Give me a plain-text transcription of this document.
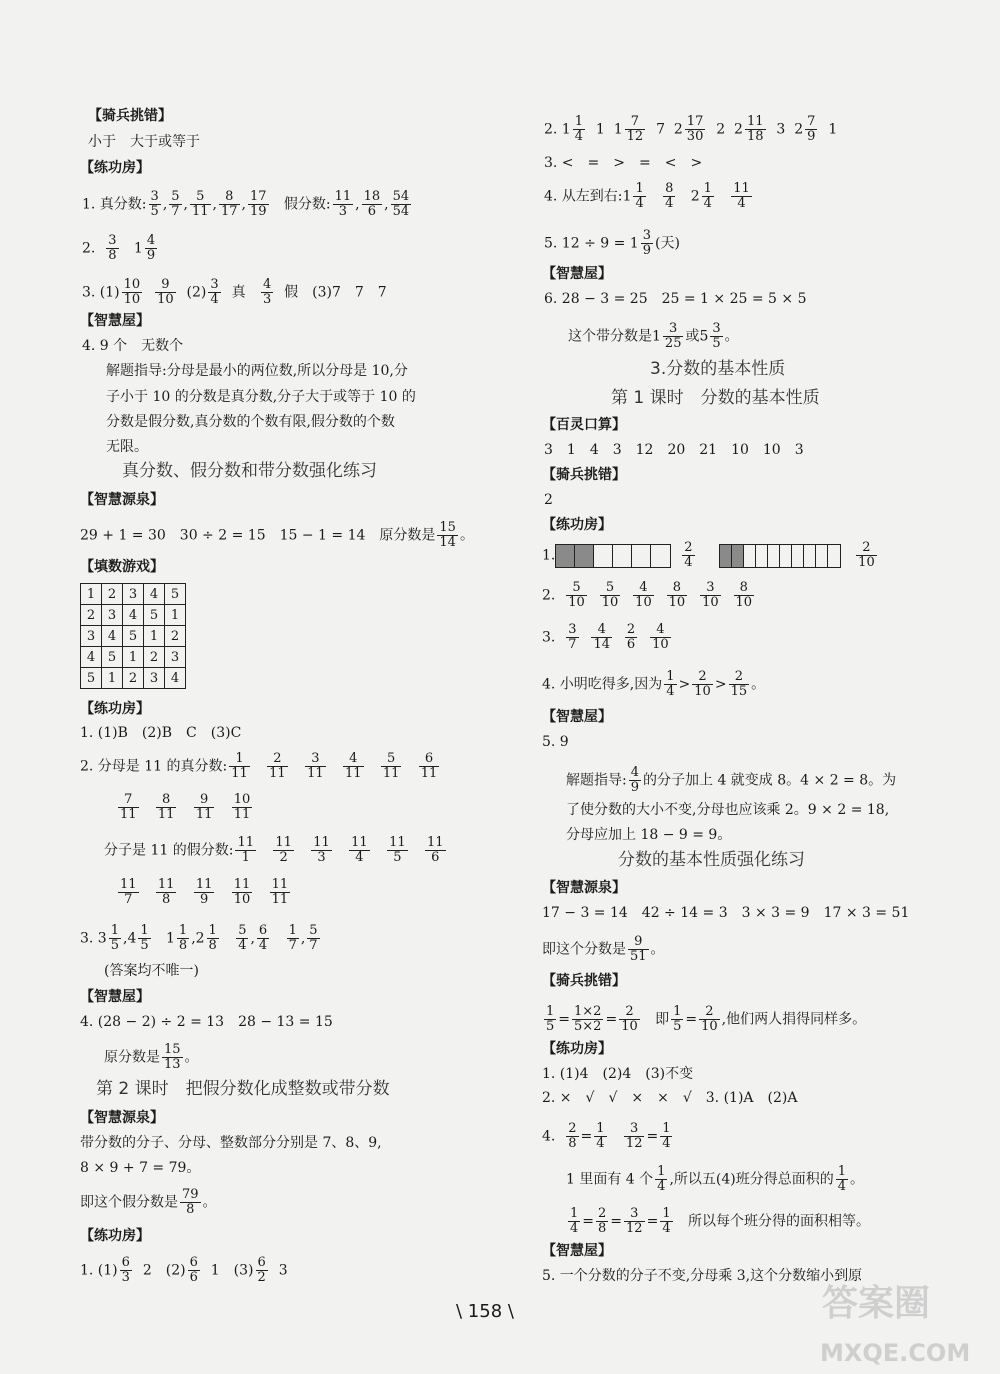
【骑兵挑错】
小于　大于或等于
【练功房】
1. 真分数: $\frac{3}{5}$ , $\frac{5}{7}$ , $\frac{5}{11}$ , $\frac{8}{17}$ , $\frac{17}{19}$ 假分数: $\frac{11}{3}$ , $\frac{18}{6}$ , $\frac{54}{54}$
2. $\frac{3}{8} 1 \frac{4}{9}$
3. $(1) \frac{10}{10}$
$\frac{9}{10} (2) \frac{3}{4}$ 真 $\frac{4}{3}$ 假　(3)7　7　7
【智慧屋】
4. 9 个　无数个
解题指导:分母是最小的两位数,所以分母是 10,分
子小于 10 的分数是真分数,分子大于或等于 10 的
分数是假分数,真分数的个数有限,假分数的个数
无限。
真分数、假分数和带分数强化练习
【智慧源泉】
29 + 1 = 30　30 ÷ 2 = 15　15 − 1 = 14　原分数是 $\frac{15}{14}$ 。
【填数游戏】
1	2	3	4	5
2	3	4	5	1
3	4	5	1	2
4	5	1	2	3
5	1	2	3	4
【练功房】
1. (1)B　(2)B　C　(3)C
2. 分母是 11 的真分数: $\frac{1}{11}$
$\frac{2}{11}$
$\frac{3}{11}$
$\frac{4}{11}$
$\frac{5}{11}$
$\frac{6}{11}$
$\frac{7}{11}$
$\frac{8}{11}$
$\frac{9}{11}$
$\frac{10}{11}$
分子是 11 的假分数: $\frac{11}{1}$
$\frac{11}{2}$
$\frac{11}{3}$
$\frac{11}{4}$
$\frac{11}{5}$
$\frac{11}{6}$
$\frac{11}{7}$
$\frac{11}{8}$
$\frac{11}{9}$
$\frac{11}{10}$
$\frac{11}{11}$
3. $3 \frac{1}{5} ,4 \frac{1}{5} 1 \frac{1}{8} ,2 \frac{1}{8}$
$\frac{5}{4}$ , $\frac{6}{4}$
$\frac{1}{7}$ , $\frac{5}{7}$
(答案均不唯一)
【智慧屋】
4. (28 − 2) ÷ 2 = 13　28 − 13 = 15
原分数是 $\frac{15}{13}$ 。
第 2 课时　把假分数化成整数或带分数
【智慧源泉】
带分数的分子、分母、整数部分分别是 7、8、9,
8 × 9 + 7 = 79。
即这个假分数是 $\frac{79}{8}$ 。
【练功房】
1. $(1) \frac{6}{3} 2$　$(2) \frac{6}{6} 1$　$(3) \frac{6}{2} 3$
2. $1 \frac{1}{4} 1$  $1 \frac{7}{12} 7$  $2 \frac{17}{30} 2$  $2 \frac{11}{18} 3$  $2 \frac{7}{9} 1$
3. <　=　>　=　<　>
4. 从左到右:1 $\frac{1}{4}$
$\frac{8}{4} 2 \frac{1}{4}$
$\frac{11}{4}$
5. $12 \div 9 = 1 \frac{3}{9}$ (天)
【智慧屋】
6. 28 − 3 = 25　25 = 1 × 25 = 5 × 5
这个带分数是$1 \frac{3}{25}$ 或$5 \frac{3}{5}$ 。
3.分数的基本性质
第 1 课时　分数的基本性质
【百灵口算】
3　1　4　3　12　20　21　10　10　3
【骑兵挑错】
2
【练功房】
1.
	$\frac{2}{4}$

	$\frac{2}{10}$
2. $\frac{5}{10}$
$\frac{5}{10}$
$\frac{4}{10}$
$\frac{8}{10}$
$\frac{3}{10}$
$\frac{8}{10}$
3. $\frac{3}{7}$
$\frac{4}{14}$
$\frac{2}{6}$
$\frac{4}{10}$
4. 小明吃得多,因为 $\frac{1}{4} > \frac{2}{10} > \frac{2}{15}$ 。
【智慧屋】
5. 9
解题指导: $\frac{4}{9}$ 的分子加上 4 就变成 8。4 × 2 = 8。为
了使分数的大小不变,分母也应该乘 2。9 × 2 = 18,
分母应加上 18 − 9 = 9。
分数的基本性质强化练习
【智慧源泉】
17 − 3 = 14　42 ÷ 14 = 3　3 × 3 = 9　17 × 3 = 51
即这个分数是 $\frac{9}{51}$ 。
【骑兵挑错】
$\frac{1}{5} = \frac{1\times 2}{5\times 2} = \frac{2}{10}$ 即 $\frac{1}{5} = \frac{2}{10}$ ,他们两人捐得同样多。
【练功房】
1. (1)4　(2)4　(3)不变
2. ×　√　√　×　×　√　3. (1)A　(2)A
4. $\frac{2}{8} = \frac{1}{4}$
$\frac{3}{12} = \frac{1}{4}$
1 里面有 4 个 $\frac{1}{4}$ ,所以五(4)班分得总面积的 $\frac{1}{4}$ 。
$\frac{1}{4} = \frac{2}{8} = \frac{3}{12} = \frac{1}{4}$ 所以每个班分得的面积相等。
【智慧屋】
5. 一个分数的分子不变,分母乘 3,这个分数缩小到原
\ 158 \	答案圈
MXQE.COM
